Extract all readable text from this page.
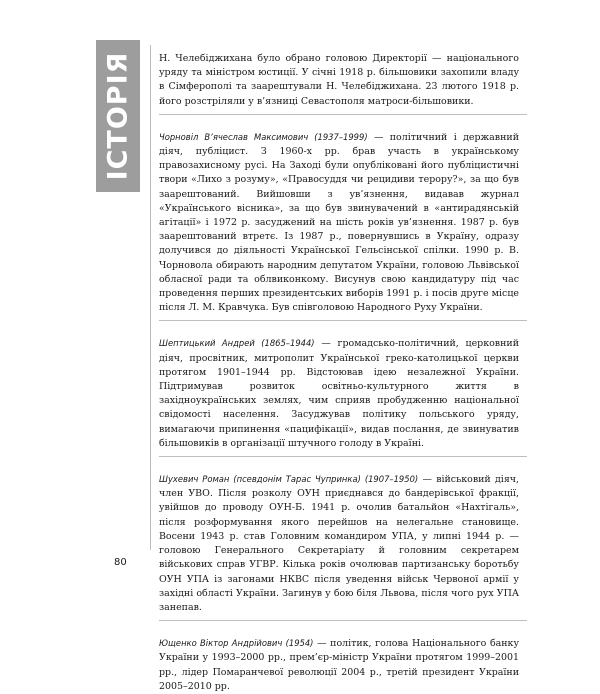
ІСТОРІЯ	Н. Челебіджихана було обрано головою Директорії — національного уряду та міністром юстиції. У січні 1918 р. більшовики захопили владу в Сімферополі та заарештували Н. Челебіджихана. 23 лютого 1918 р. його розстріляли у в’язниці Севастополя матроси-більшовики.
Чорновіл В’ячеслав Максимович (1937–1999) — політичний і державний діяч, публіцист. З 1960-х рр. брав участь в українському правозахисному русі. На Заході були опубліковані його публіцистичні твори «Лихо з розуму», «Правосуддя чи рецидиви терору?», за що був заарештований. Вийшовши з ув’язнення, видавав журнал «Українського вісника», за що був звинувачений в «антирадянській агітації» і 1972 р. засуджений на шість років ув’язнення. 1987 р. був заарештований втретє. Із 1987 р., повернувшись в Україну, одразу долучився до діяльності Української Гельсінської спілки. 1990 р. В. Чорновола обирають народним депутатом України, головою Львівської обласної ради та облвиконкому. Висунув свою кандидатуру під час проведення перших президентських виборів 1991 р. і посів друге місце після Л. М. Кравчука. Був співголовою Народного Руху України.
Шептицький Андрей (1865–1944) — громадсько-політичний, церковний діяч, просвітник, митрополит Української греко-католицької церкви протягом 1901–1944 рр. Відстоював ідею незалежної України. Підтримував розвиток освітньо-культурного життя в західноукраїнських землях, чим сприяв пробудженню національної свідомості населення. Засуджував політику польського уряду, вимагаючи припинення «пацифікації», видав послання, де звинуватив більшовиків в організації штучного голоду в Україні.
Шухевич Роман (псевдонім Тарас Чупринка) (1907–1950) — військовий діяч, член УВО. Після розколу ОУН приєднався до бандерівської фракції, увійшов до проводу ОУН-Б. 1941 р. очолив батальйон «Нахтігаль», після розформування якого перейшов на нелегальне становище. Восени 1943 р. став Головним командиром УПА, у липні 1944 р. — головою Генерального Секретаріату й головним секретарем військових справ УГВР. Кілька років очолював партизанську боротьбу ОУН УПА із загонами НКВС після уведення військ Червоної армії у західні області України. Загинув у бою біля Львова, після чого рух УПА занепав.
Ющенко Віктор Андрійович (1954) — політик, голова Національного банку України у 1993–2000 рр., прем’єр-міністр України протягом 1999–2001 рр., лідер Помаранчевої революції 2004 р., третій президент України 2005–2010 рр.
80
